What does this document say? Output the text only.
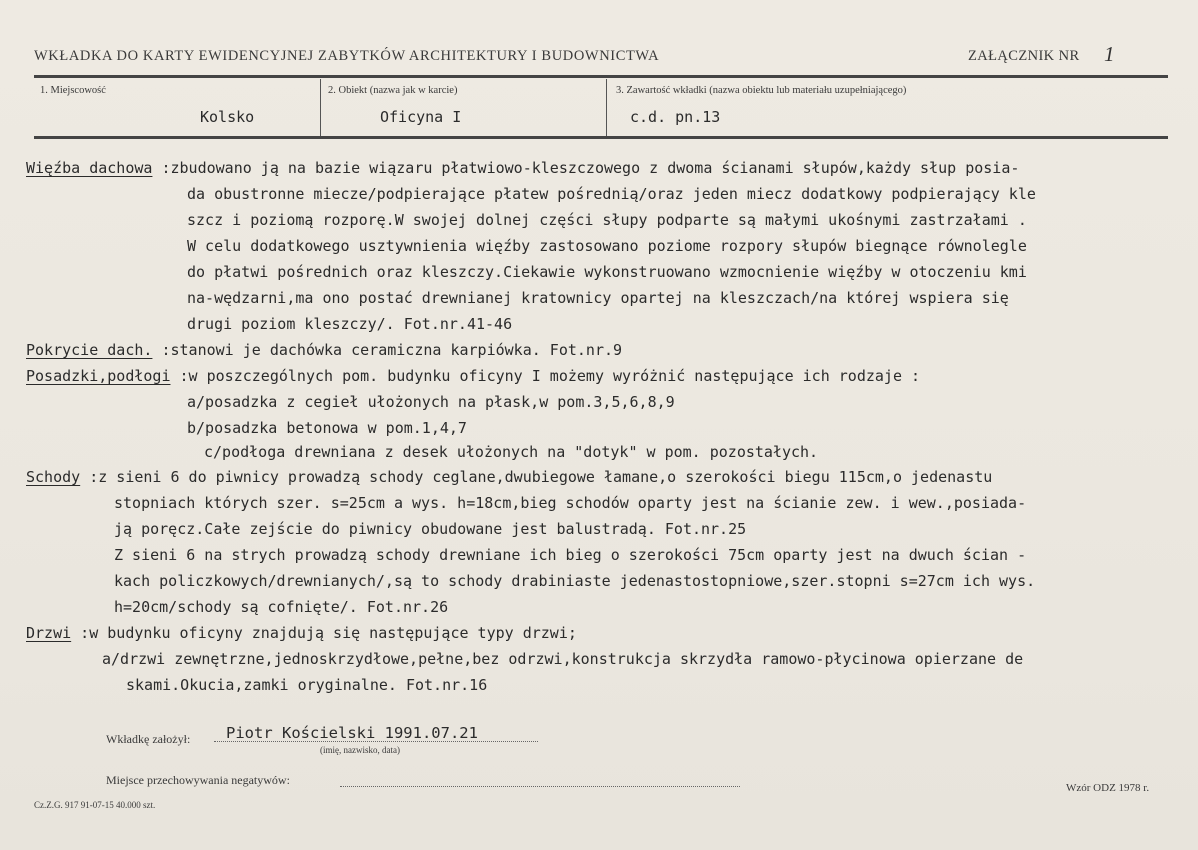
WKŁADKA DO KARTY EWIDENCYJNEJ ZABYTKÓW ARCHITEKTURY I BUDOWNICTWA	ZAŁĄCZNIK NR 1
1. Miejscowość
Kolsko
2. Obiekt (nazwa jak w karcie)
Oficyna I
3. Zawartość wkładki (nazwa obiektu lub materiału uzupełniającego)
c.d. pn.13
Więźba dachowa :zbudowano ją na bazie wiązaru płatwiowo-kleszczowego z dwoma ścianami słupów,każdy słup posia-
da obustronne miecze/podpierające płatew pośrednią/oraz jeden miecz dodatkowy podpierający kle
szcz i poziomą rozporę.W swojej dolnej części słupy podparte są małymi ukośnymi zastrzałami .
W celu dodatkowego usztywnienia więźby zastosowano poziome rozpory słupów biegnące równolegle
do płatwi pośrednich oraz kleszczy.Ciekawie wykonstruowano wzmocnienie więźby w otoczeniu kmi
na-wędzarni,ma ono postać drewnianej kratownicy opartej na kleszczach/na której wspiera się
drugi poziom kleszczy/. Fot.nr.41-46
Pokrycie dach. :stanowi je dachówka ceramiczna karpiówka. Fot.nr.9
Posadzki,podłogi :w poszczególnych pom. budynku oficyny I możemy wyróżnić następujące ich rodzaje :
a/posadzka z cegieł ułożonych na płask,w pom.3,5,6,8,9
b/posadzka betonowa w pom.1,4,7
c/podłoga drewniana z desek ułożonych na "dotyk" w pom. pozostałych.
Schody :z sieni 6 do piwnicy prowadzą schody ceglane,dwubiegowe łamane,o szerokości biegu 115cm,o jedenastu
stopniach których szer. s=25cm a wys. h=18cm,bieg schodów oparty jest na ścianie zew. i wew.,posiada-
ją poręcz.Całe zejście do piwnicy obudowane jest balustradą. Fot.nr.25
Z sieni 6 na strych prowadzą schody drewniane ich bieg o szerokości 75cm oparty jest na dwuch ścian -
kach policzkowych/drewnianych/,są to schody drabiniaste jedenastostopniowe,szer.stopni s=27cm ich wys.
h=20cm/schody są cofnięte/. Fot.nr.26
Drzwi :w budynku oficyny znajdują się następujące typy drzwi;
a/drzwi zewnętrzne,jednoskrzydłowe,pełne,bez odrzwi,konstrukcja skrzydła ramowo-płycinowa opierzane de
skami.Okucia,zamki oryginalne. Fot.nr.16
Wkładkę założył: Piotr Kościelski 1991.07.21
(imię, nazwisko, data)
Miejsce przechowywania negatywów:
Cz.Z.G. 917 91-07-15 40.000 szt.
Wzór ODZ 1978 r.
